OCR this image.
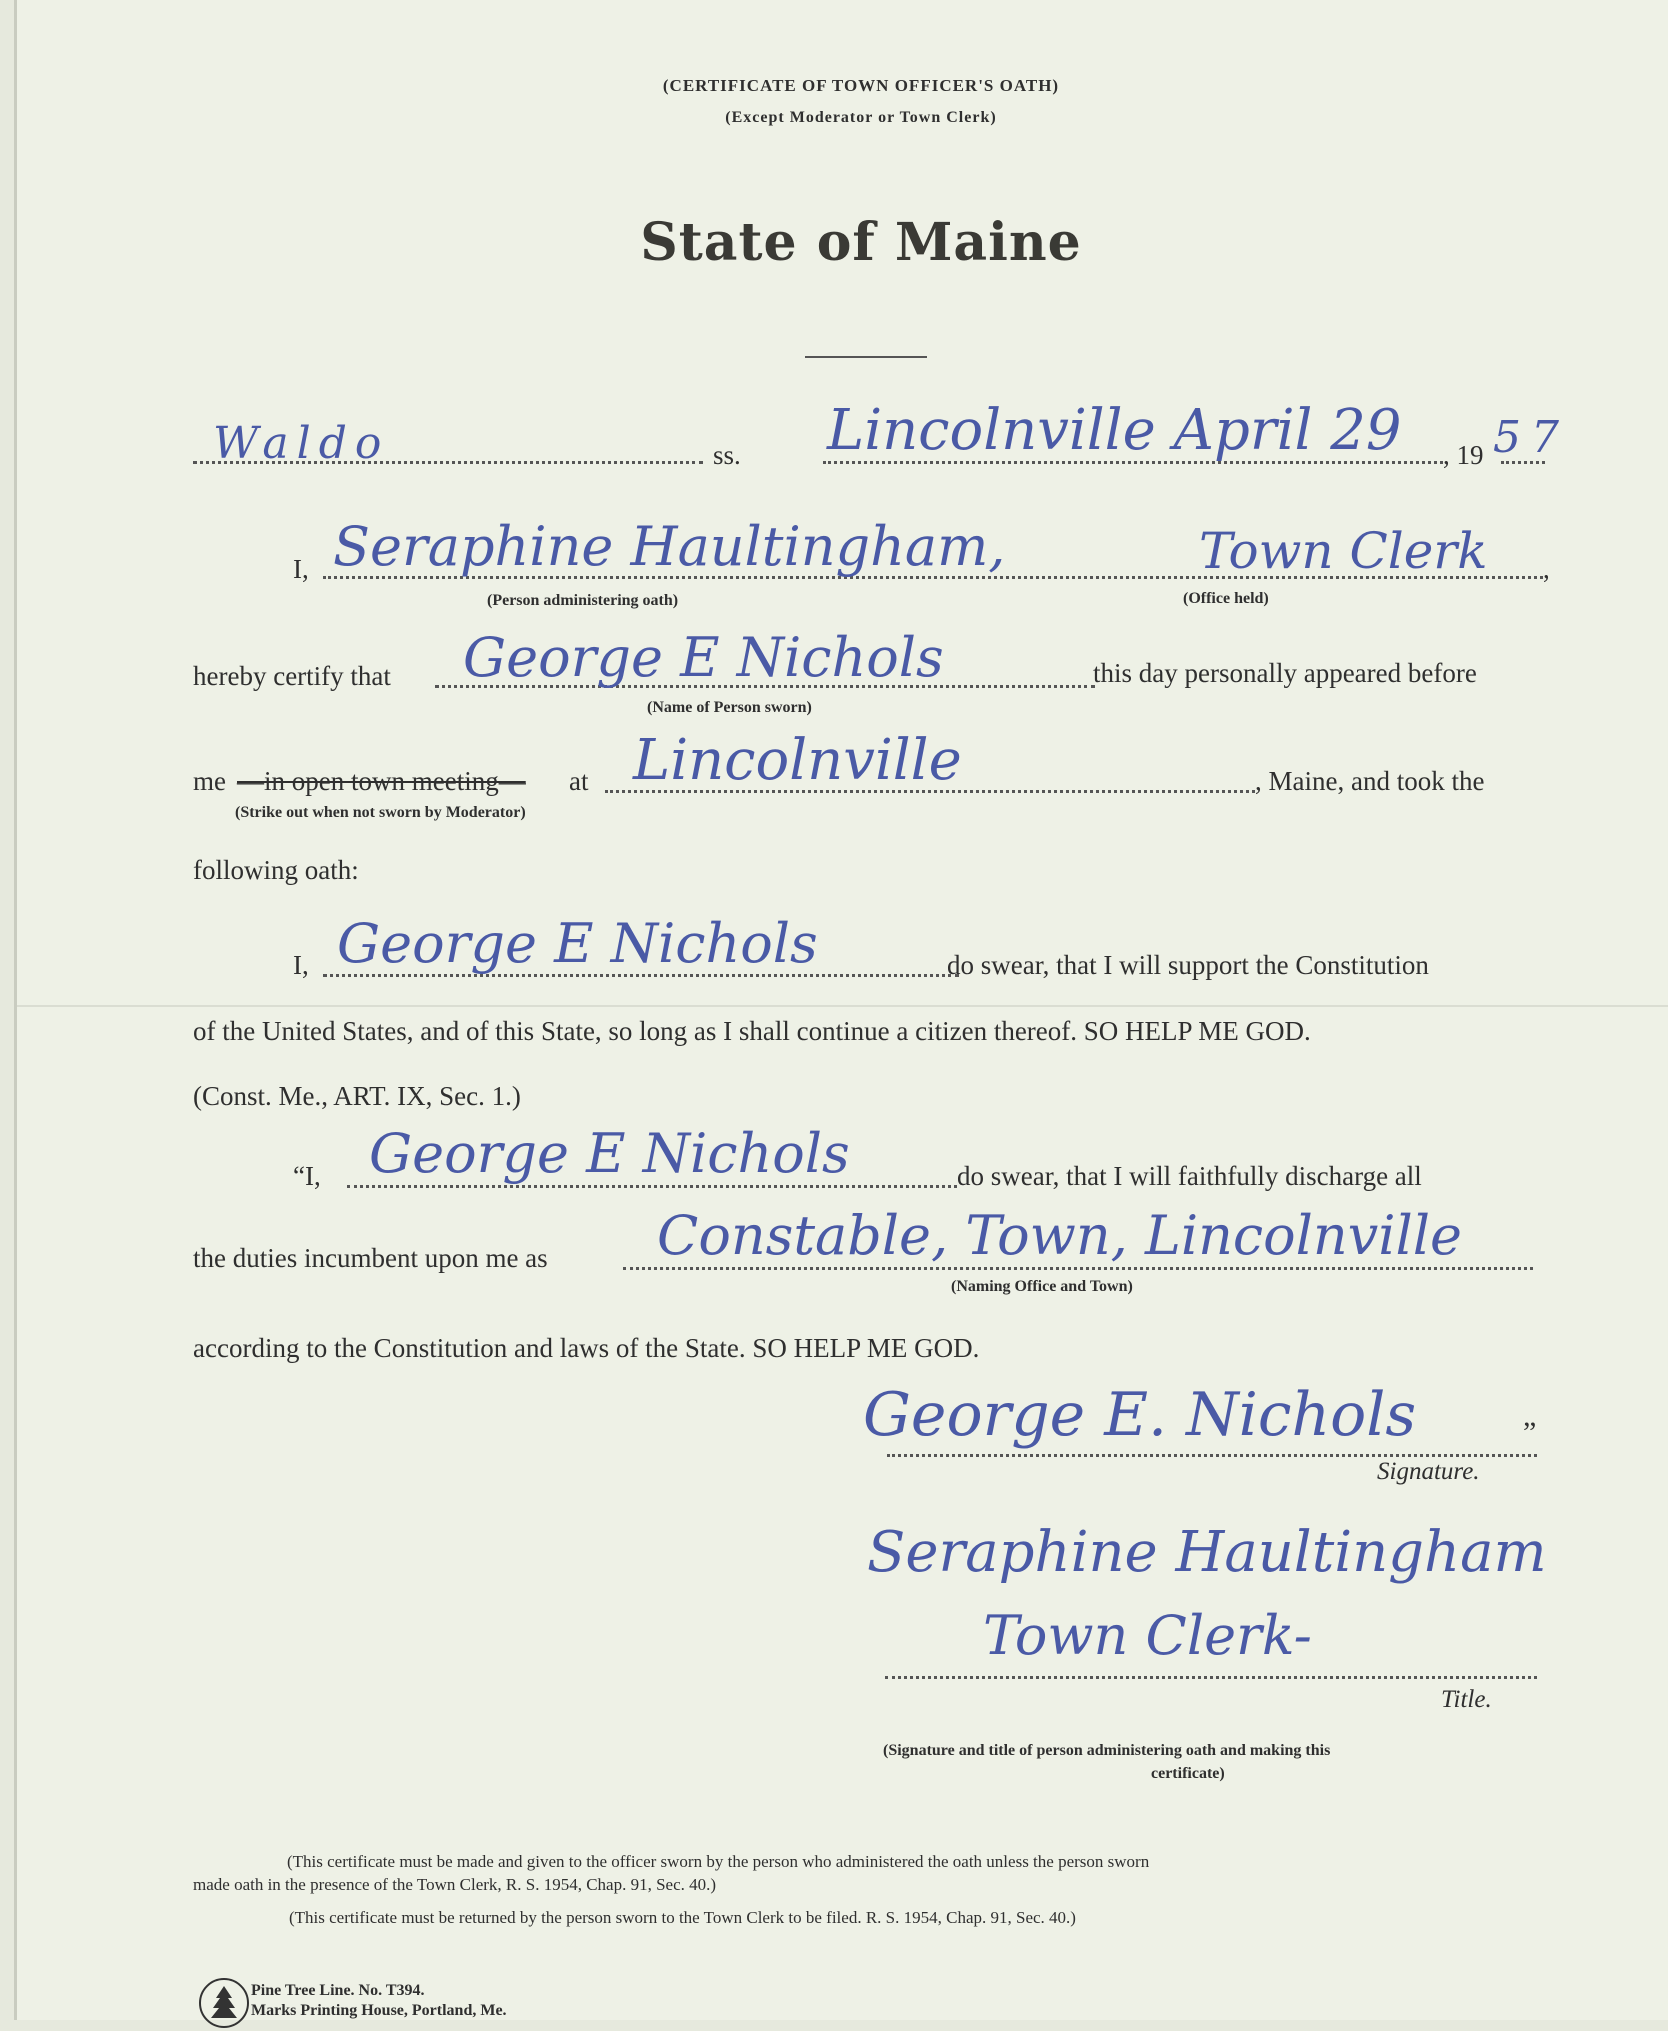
(CERTIFICATE OF TOWN OFFICER'S OATH)
(Except Moderator or Town Clerk)
State of Maine
Waldo	ss. Lincolnville April 29 , 19 57
I, Seraphine Haultingham,	Town Clerk ,
(Person administering oath)	(Office held)
hereby certify that George E Nichols	this day personally appeared before
(Name of Person sworn)
me —in open town meeting— at Lincolnville	, Maine, and took the
(Strike out when not sworn by Moderator)
following oath:
I, George E Nichols	do swear, that I will support the Constitution
of the United States, and of this State, so long as I shall continue a citizen thereof. SO HELP ME GOD.
(Const. Me., ART. IX, Sec. 1.)
“I, George E Nichols	do swear, that I will faithfully discharge all
the duties incumbent upon me as Constable, Town, Lincolnville
(Naming Office and Town)
according to the Constitution and laws of the State. SO HELP ME GOD.
George E. Nichols	”
Signature.
Seraphine Haultingham
Town Clerk-
Title.
(Signature and title of person administering oath and making this
certificate)
(This certificate must be made and given to the officer sworn by the person who administered the oath unless the person sworn
made oath in the presence of the Town Clerk, R. S. 1954, Chap. 91, Sec. 40.)
(This certificate must be returned by the person sworn to the Town Clerk to be filed. R. S. 1954, Chap. 91, Sec. 40.)
Pine Tree Line. No. T394.
Marks Printing House, Portland, Me.
